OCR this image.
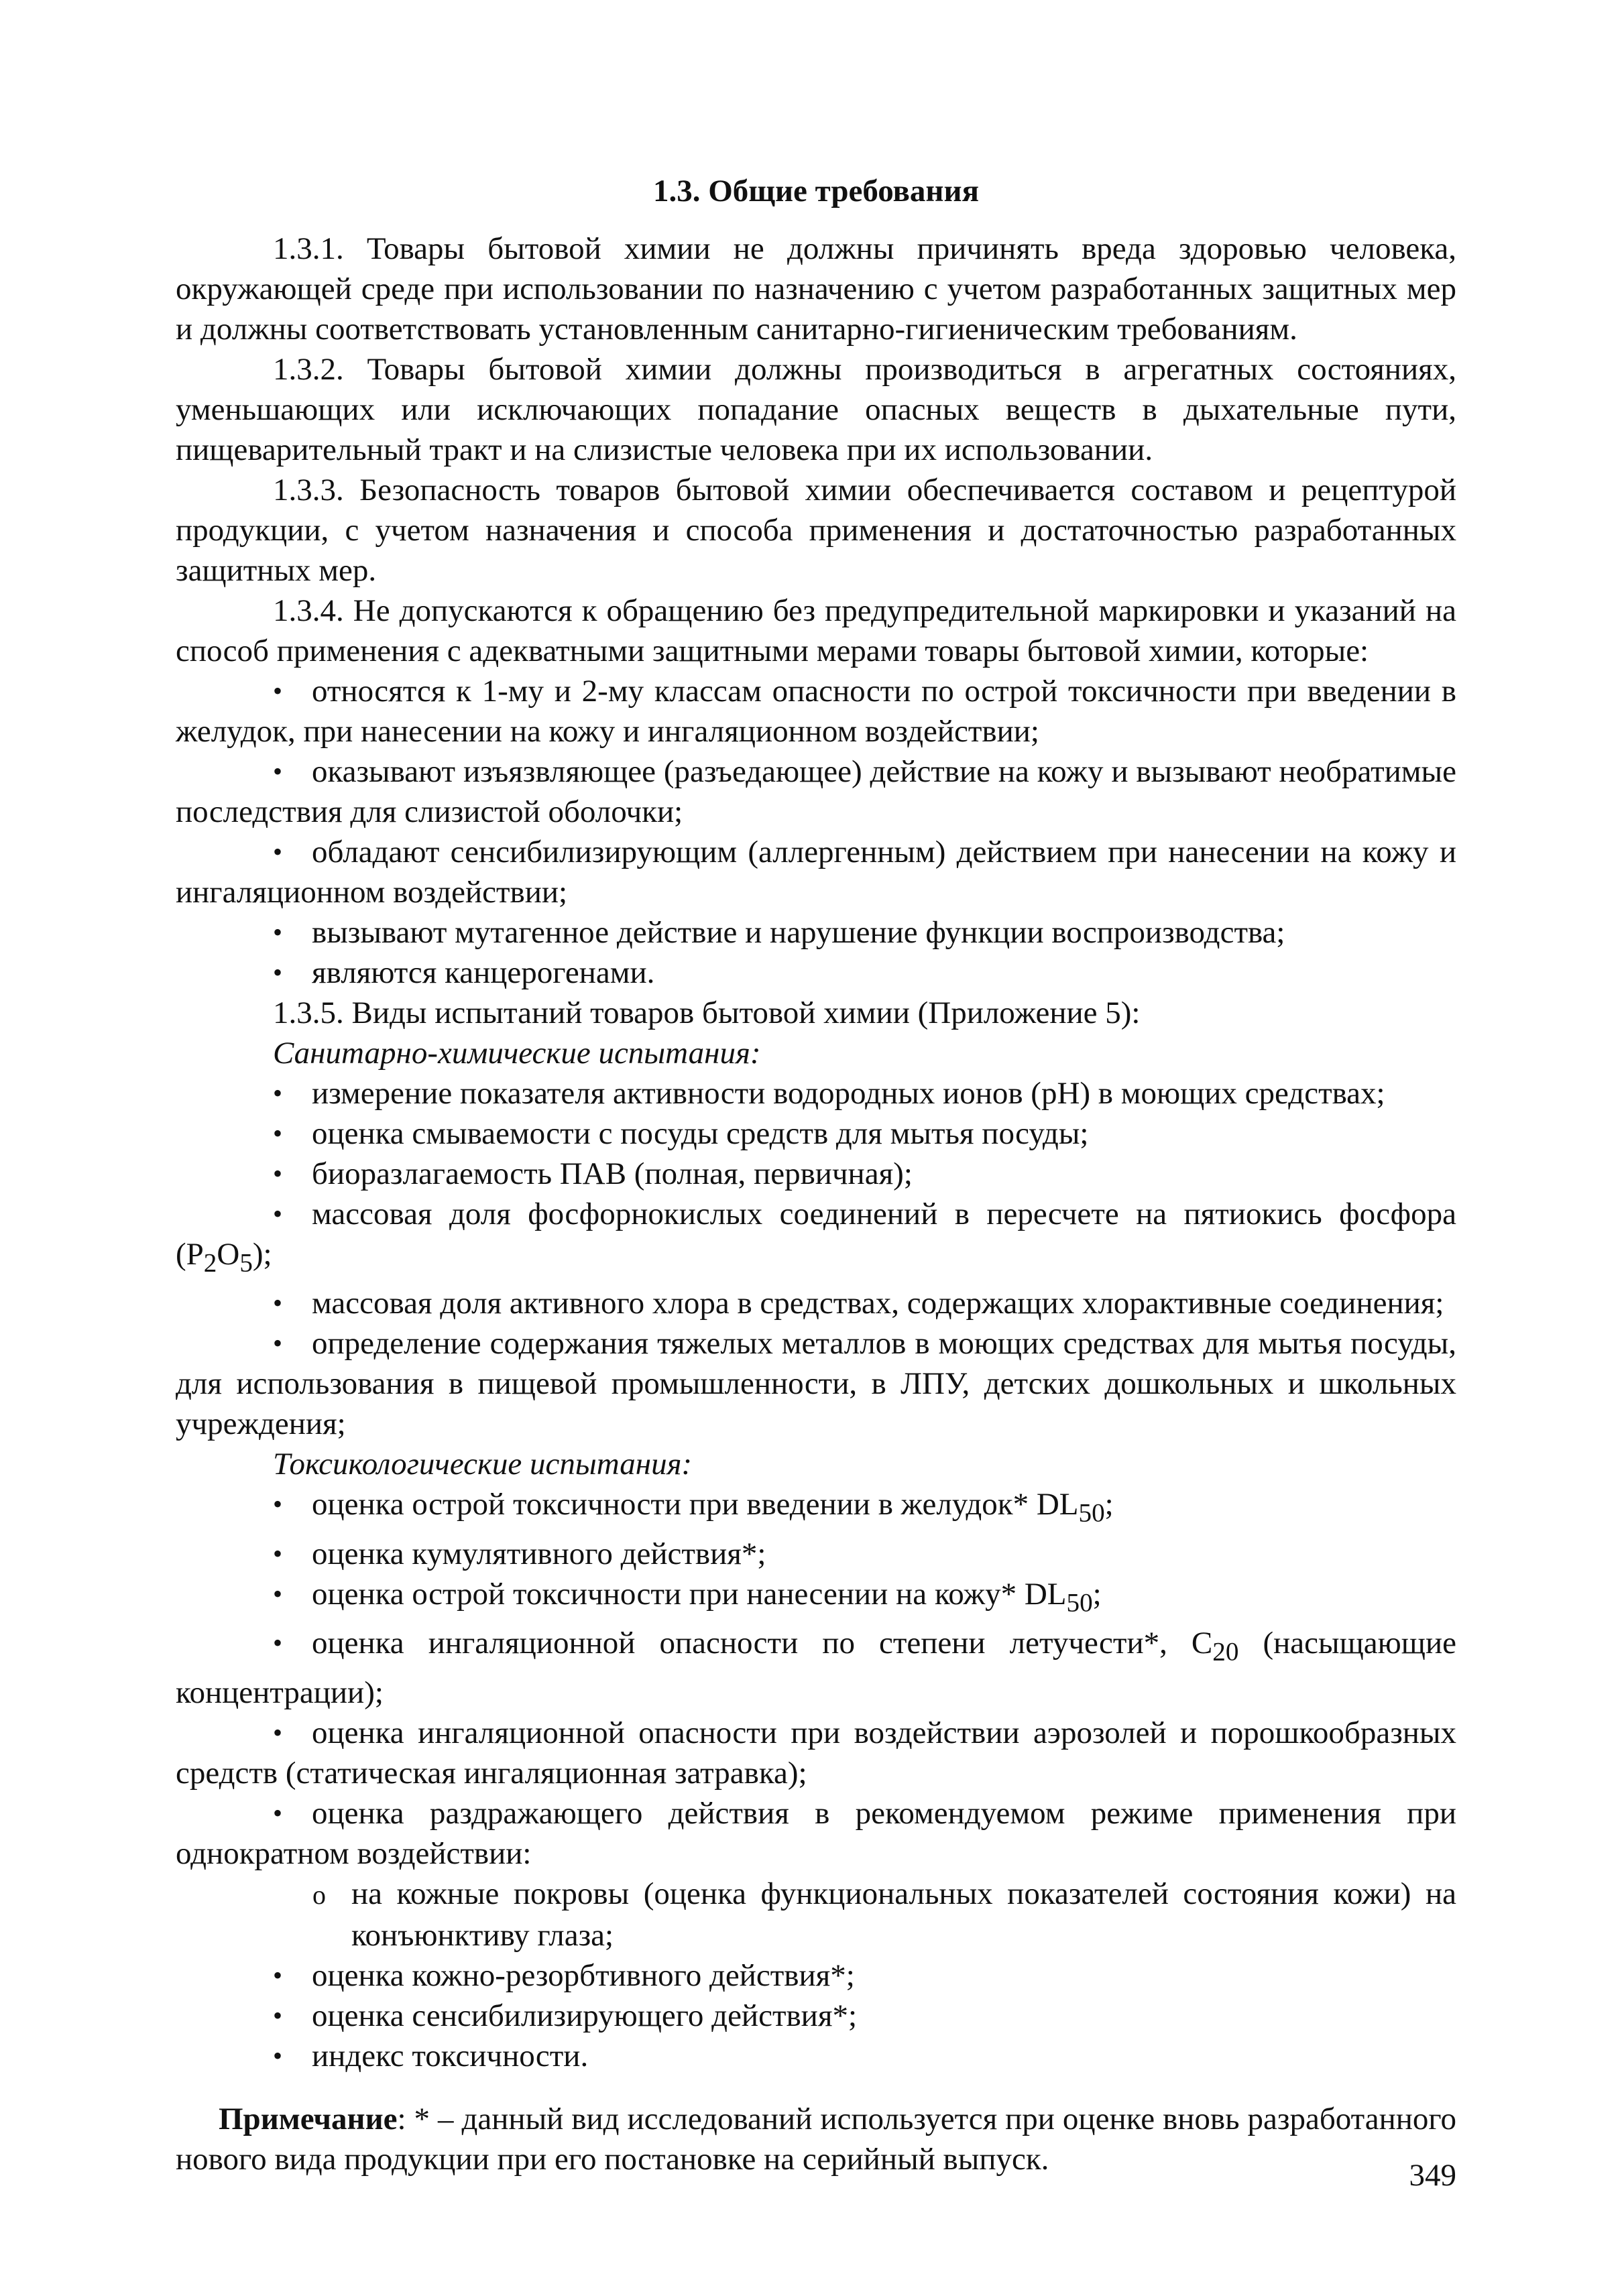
1.3. Общие требования

1.3.1. Товары бытовой химии не должны причинять вреда здоровью человека, окружающей среде при использовании по назначению с учетом разработанных защитных мер и должны соответствовать установленным санитарно-гигиеническим требованиям.

1.3.2. Товары бытовой химии должны производиться в агрегатных состояниях, уменьшающих или исключающих попадание опасных веществ в дыхательные пути, пищеварительный тракт и на слизистые человека при их использовании.

1.3.3. Безопасность товаров бытовой химии обеспечивается составом и рецептурой продукции, с учетом назначения и способа применения и достаточностью разработанных защитных мер.

1.3.4. Не допускаются к обращению без предупредительной маркировки и указаний на способ применения с адекватными защитными мерами товары бытовой химии, которые:

• относятся к 1-му и 2-му классам опасности по острой токсичности при введении в желудок, при нанесении на кожу и ингаляционном воздействии;
• оказывают изъязвляющее (разъедающее) действие на кожу и вызывают необратимые последствия для слизистой оболочки;
• обладают сенсибилизирующим (аллергенным) действием при нанесении на кожу и ингаляционном воздействии;
• вызывают мутагенное действие и нарушение функции воспроизводства;
• являются канцерогенами.

1.3.5. Виды испытаний товаров бытовой химии (Приложение 5):

Санитарно-химические испытания:

• измерение показателя активности водородных ионов (pH) в моющих средствах;
• оценка смываемости с посуды средств для мытья посуды;
• биоразлагаемость ПАВ (полная, первичная);
• массовая доля фосфорнокислых соединений в пересчете на пятиокись фосфора $(P_2O_5)$;
• массовая доля активного хлора в средствах, содержащих хлорактивные соединения;
• определение содержания тяжелых металлов в моющих средствах для мытья посуды, для использования в пищевой промышленности, в ЛПУ, детских дошкольных и школьных учреждения;

Токсикологические испытания:

• оценка острой токсичности при введении в желудок* $DL_{50}$;
• оценка кумулятивного действия*;
• оценка острой токсичности при нанесении на кожу* $DL_{50}$;
• оценка ингаляционной опасности по степени летучести*, $C_{20}$ (насыщающие концентрации);
• оценка ингаляционной опасности при воздействии аэрозолей и порошкообразных средств (статическая ингаляционная затравка);
• оценка раздражающего действия в рекомендуемом режиме применения при однократном воздействии:
o на кожные покровы (оценка функциональных показателей состояния кожи) на конъюнктиву глаза;
• оценка кожно-резорбтивного действия*;
• оценка сенсибилизирующего действия*;
• индекс токсичности.

Примечание: * – данный вид исследований используется при оценке вновь разработанного нового вида продукции при его постановке на серийный выпуск.	349
